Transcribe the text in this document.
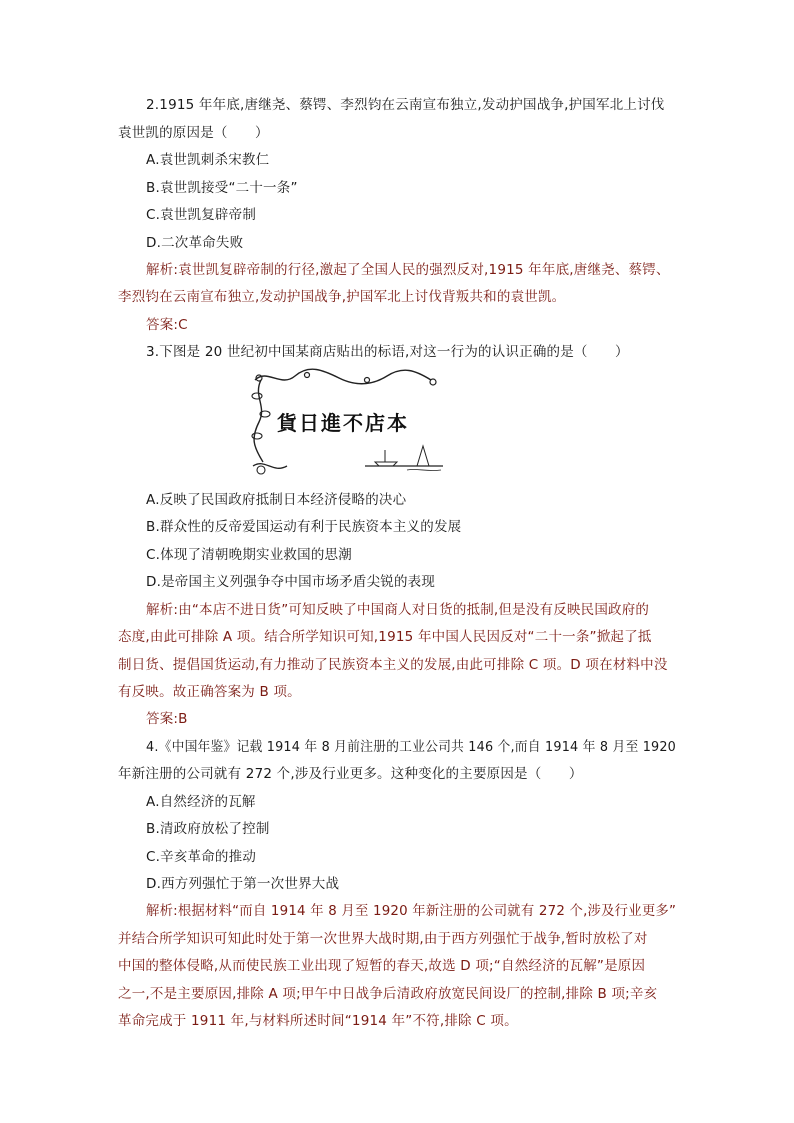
2.1915 年年底,唐继尧、蔡锷、李烈钧在云南宣布独立,发动护国战争,护国军北上讨伐
袁世凯的原因是（　　）
A.袁世凯刺杀宋教仁
B.袁世凯接受“二十一条”
C.袁世凯复辟帝制
D.二次革命失败
解析:袁世凯复辟帝制的行径,激起了全国人民的强烈反对,1915 年年底,唐继尧、蔡锷、
李烈钧在云南宣布独立,发动护国战争,护国军北上讨伐背叛共和的袁世凯。
答案:C
3.下图是 20 世纪初中国某商店贴出的标语,对这一行为的认识正确的是（　　）
貨日進不店本
A.反映了民国政府抵制日本经济侵略的决心
B.群众性的反帝爱国运动有利于民族资本主义的发展
C.体现了清朝晚期实业救国的思潮
D.是帝国主义列强争夺中国市场矛盾尖锐的表现
解析:由“本店不进日货”可知反映了中国商人对日货的抵制,但是没有反映民国政府的
态度,由此可排除 A 项。结合所学知识可知,1915 年中国人民因反对“二十一条”掀起了抵
制日货、提倡国货运动,有力推动了民族资本主义的发展,由此可排除 C 项。D 项在材料中没
有反映。故正确答案为 B 项。
答案:B
4.《中国年鉴》记载 1914 年 8 月前注册的工业公司共 146 个,而自 1914 年 8 月至 1920
年新注册的公司就有 272 个,涉及行业更多。这种变化的主要原因是（　　）
A.自然经济的瓦解
B.清政府放松了控制
C.辛亥革命的推动
D.西方列强忙于第一次世界大战
解析:根据材料“而自 1914 年 8 月至 1920 年新注册的公司就有 272 个,涉及行业更多”
并结合所学知识可知此时处于第一次世界大战时期,由于西方列强忙于战争,暂时放松了对
中国的整体侵略,从而使民族工业出现了短暂的春天,故选 D 项;“自然经济的瓦解”是原因
之一,不是主要原因,排除 A 项;甲午中日战争后清政府放宽民间设厂的控制,排除 B 项;辛亥
革命完成于 1911 年,与材料所述时间“1914 年”不符,排除 C 项。
